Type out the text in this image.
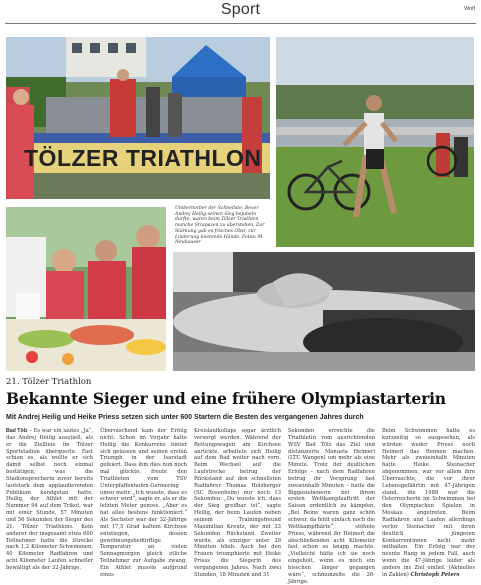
Sport	Wolf
TÖLZER TRIATHLON
Umberhorber der Schnellste: Bevor Andrej Heilig seinen Sieg bejubeln durfte, waren beim Tölzer Triathlon manche Strapazen zu überstehen. Zur Stärkung gab es frisches Obst, zur Linderung knetende Hände. Fotos: M. Neuhauser
21. Tölzer Triathlon
Bekannte Sieger und eine frühere Olympiastarterin
Mit Andrej Heilig und Heike Priess setzen sich unter 600 Startern die Besten des vergangenen Jahres durch
Bad Tölz – Es war ein lautes „Ja“, das Andrej Heilig ausstieß, als er die Ziellinie im Tölzer Sportstadion überquerte. Fast schien es, als wollte er sich damit selbst noch einmal bestätigen, was die Stadionsprecherin zuvor bereits lautstark dem applaudierenden Publikum kundgetan hatte. Heilig, der Athlet mit der Nummer 94 auf dem Trikot, war mit einer Stunde, 57 Minuten und 56 Sekunden der Sieger des 21. Tölzer Triathlons. Kein anderer der insgesamt etwa 600 Teilnehmer hatte die Strecke nach 1,2 Kilometer Schwimmen, 40 Kilometer Radfahren und acht Kilometer Laufen schneller bewältigt als der 32-Jährige.
Überraschend kam der Erfolg nicht: Schon im Vorjahr hatte Heilig die Konkurrenz hinter sich gelassen und seinen ersten Triumph in der Isarstadt gefeiert. Dass ihm dies nun noch mal glückte, freute den Triathleten vom TSV Unterpfaffenhofen-Germering umso mehr. „Ich wusste, dass es schwer wird“, sagte er, als er die letzten Meter genoss. „Aber es hat alles bestens funktioniert.“ Als Sechster war der 32-Jährige mit 17,5 Grad kaltem Kirchsee entstiegen, dessen gewöhnungsbedürftige Temperatur an vielen Sonnagmorgen gleich etliche Teilnehmer zur Aufgabe zwang. Ein Athlet musste aufgrund eines
Kreislaufkollaps sogar ärztlich versorgt werden. Während der Rettungswagen am Kirchsee anrückte, arbeitete sich Heilig auf dem Rad weiter nach vorn. Beim Wechsel auf die Laufstrecke betrug der Rückstand auf den schnellsten Radfahrer Thomas Holzberger (SC Rosenheim) nur noch 13 Sekunden. „Du wusste ich, dass der Sieg greifbar ist“, sagte Heilig, der beim Laufen neben seinem Trainingsfreund Maximilian Kreutz, der mit 33 Sekunden Rückstand Zweiter wurde, als einziger unter 28 Minuten blieb. Auch bei den Frauen triumphierte mit Heike Priess die Siegerin des vergangenen Jahres. Nach zwei Stunden, 18 Minuten und 31
Sekunden erreichte die Triathletin vom ausrichtenden WSV Bad Tölz das Ziel und distanzierte Manuela Heimerl (LTC Wangen) um mehr als eine Minute. Trotz der deutlichen Erfolgs – nach dem Radfahren betrug ihr Vorsprung fast zweieinhalb Minuten – hatte die Biggesiebenerin bei ihrem ersten Wettkampfauftritt der Saison ordentlich zu kämpfen. „Bei Beine waren ganz schön schwer, da fehlt einfach noch die Wettkampfhärte“, stöhnte Priess, während ihr Heimerl die abschließenden acht Kilometer fast schon so knapp machte. „Vielleicht hätte ich sie noch eingeholt, wenn es noch ein bisschen länger gegangen wäre“, schmunzelte die 26-Jährige.
Beim Schwimmen hatte es kurzzeitig so ausgesehen, als würden weder Priess noch Heimerl das Rennen machen. Mehr als zweieinhalb Minuten hatte Heike Steinacher abgenommen, war vor allem ihre Überraschte, die vor ihrer Lebensgefährtin mit 47-Jährigen stand, die 1988 war die Österreicherin im Schwimmen bei den Olympischen Spielen in Moskau angetreten. Beim Radfahren und Laufen allerdings verlor Steinacher mit ihren deutlich jüngeren Konkurrentinnen nicht mehr mithalten. Ein Erfolg war der neunte Rang in jedem Fall, auch wenn die 47-Jährige leider als andere ins Ziel einlief. (Aktuelles in Zahlen) Christoph Peters
